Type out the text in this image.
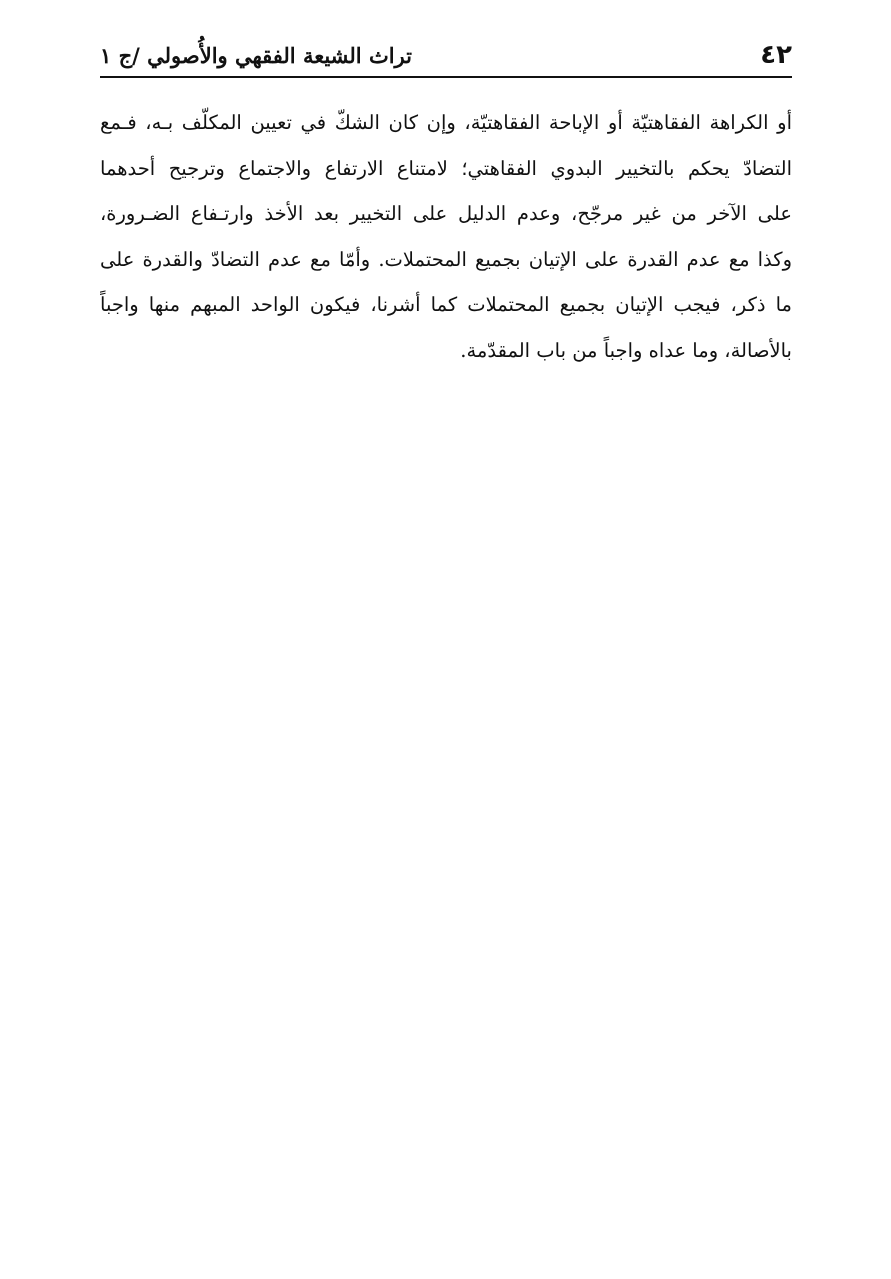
٤٢
تراث الشيعة الفقهي والأُصولي /ج ١
أو الكراهة الفقاهتيّة أو الإباحة الفقاهتيّة، وإن كان الشكّ في تعيين المكلّف بـه، فـمع
التضادّ يحكم بالتخيير البدوي الفقاهتي؛ لامتناع الارتفاع والاجتماع وترجيح أحدهما
على الآخر من غير مرجّح، وعدم الدليل على التخيير بعد الأخذ وارتـفاع الضـرورة،
وكذا مع عدم القدرة على الإتيان بجميع المحتملات. وأمّا مع عدم التضادّ والقدرة على
ما ذكر، فيجب الإتيان بجميع المحتملات كما أشرنا، فيكون الواحد المبهم منها واجباً
بالأصالة، وما عداه واجباً من باب المقدّمة.
